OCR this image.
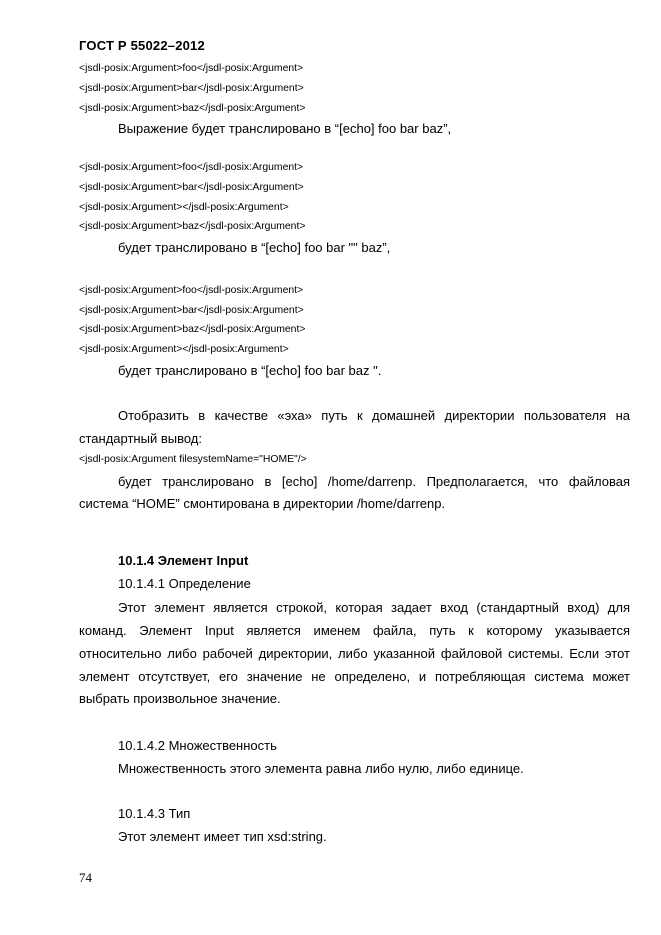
ГОСТ Р 55022–2012
<jsdl-posix:Argument>foo</jsdl-posix:Argument>
<jsdl-posix:Argument>bar</jsdl-posix:Argument>
<jsdl-posix:Argument>baz</jsdl-posix:Argument>
Выражение будет транслировано в “[echo] foo bar baz”,
<jsdl-posix:Argument>foo</jsdl-posix:Argument>
<jsdl-posix:Argument>bar</jsdl-posix:Argument>
<jsdl-posix:Argument></jsdl-posix:Argument>
<jsdl-posix:Argument>baz</jsdl-posix:Argument>
будет транслировано в “[echo] foo bar "" baz”,
<jsdl-posix:Argument>foo</jsdl-posix:Argument>
<jsdl-posix:Argument>bar</jsdl-posix:Argument>
<jsdl-posix:Argument>baz</jsdl-posix:Argument>
<jsdl-posix:Argument></jsdl-posix:Argument>
будет транслировано в “[echo] foo bar baz ".
Отобразить в качестве «эха» путь к домашней директории пользователя на
стандартный вывод:
<jsdl-posix:Argument filesystemName="HOME"/>
будет транслировано в [echo] /home/darrenp. Предполагается, что файловая
система “HOME” смонтирована в директории /home/darrenp.
10.1.4 Элемент Input
10.1.4.1 Определение
Этот элемент является строкой, которая задает вход (стандартный вход) для
команд. Элемент Input является именем файла, путь к которому указывается
относительно либо рабочей директории, либо указанной файловой системы. Если этот
элемент отсутствует, его значение не определено, и потребляющая система может
выбрать произвольное значение.
10.1.4.2 Множественность
Множественность этого элемента равна либо нулю, либо единице.
10.1.4.3 Тип
Этот элемент имеет тип xsd:string.
74
